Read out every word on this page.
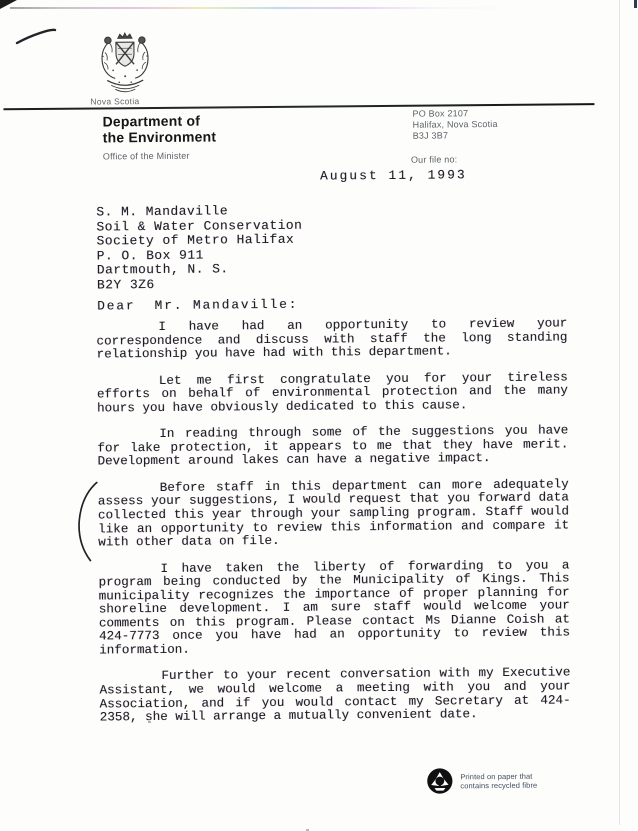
Nova Scotia
Department of
the Environment
Office of the Minister
PO Box 2107
Halifax, Nova Scotia
B3J 3B7
Our file no:
August 11, 1993
S. M. Mandaville
Soil & Water Conservation
Society of Metro Halifax
P. O. Box 911
Dartmouth, N. S.
B2Y 3Z6
Dear  Mr. Mandaville:

I have had an opportunity to review your correspondence and discuss with staff the long standing relationship you have had with this department.

Let me first congratulate you for your tireless efforts on behalf of environmental protection and the many hours you have obviously dedicated to this cause.

In reading through some of the suggestions you have for lake protection, it appears to me that they have merit. Development around lakes can have a negative impact.

Before staff in this department can more adequately assess your suggestions, I would request that you forward data collected this year through your sampling program. Staff would like an opportunity to review this information and compare it with other data on file.

I have taken the liberty of forwarding to you a program being conducted by the Municipality of Kings. This municipality recognizes the importance of proper planning for shoreline development. I am sure staff would welcome your comments on this program. Please contact Ms Dianne Coish at 424-7773 once you have had an opportunity to review this information.

Further to your recent conversation with my Executive Assistant, we would welcome a meeting with you and your Association, and if you would contact my Secretary at 424-2358, she will arrange a mutually convenient date.

Printed on paper that
contains recycled fibre
